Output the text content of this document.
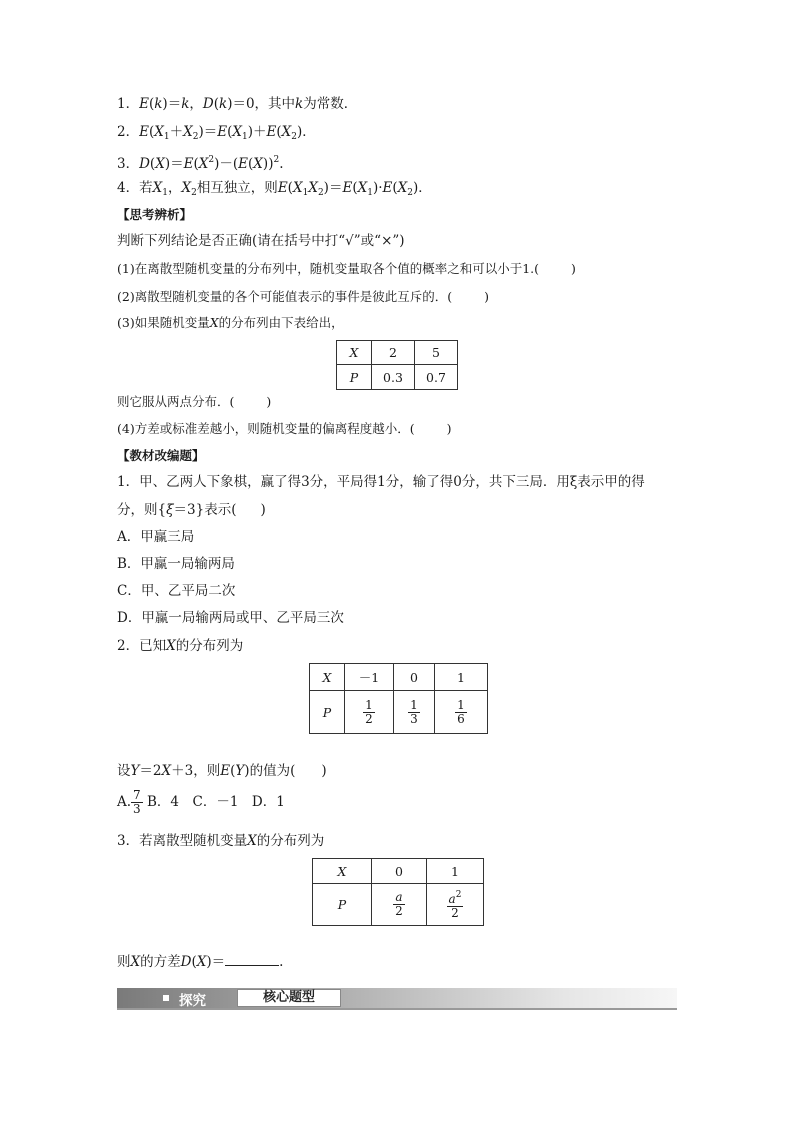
1．E(k)＝k，D(k)＝0，其中k为常数．
2．$E(X_1+X_2)=E(X_1)+E(X_2)$．
3．$D(X)=E(X^2)-(E(X))^2$.
4．若$X_1$，$X_2$相互独立，则$E(X_1X_2)=E(X_1)\cdot E(X_2)$．
【思考辨析】
判断下列结论是否正确(请在括号中打“√”或“×”)
(1)在离散型随机变量的分布列中，随机变量取各个值的概率之和可以小于1.(	)
(2)离散型随机变量的各个可能值表示的事件是彼此互斥的．(	)
(3)如果随机变量X的分布列由下表给出，
X	2	5
P	0.3	0.7
则它服从两点分布．(	)
(4)方差或标准差越小，则随机变量的偏离程度越小．(	)
【教材改编题】
1．甲、乙两人下象棋，赢了得3分，平局得1分，输了得0分，共下三局．用ξ表示甲的得
分，则{ξ＝3}表示( )
A．甲赢三局
B．甲赢一局输两局
C．甲、乙平局二次
D．甲赢一局输两局或甲、乙平局三次
2．已知X的分布列为
X	－1	0	1
P	$\frac{1}{2}$	$\frac{1}{3}$	$\frac{1}{6}$
设Y＝2X＋3，则E(Y)的值为( )
A. $\frac{7}{3}$ B．4　C．－1　D．1
3．若离散型随机变量X的分布列为
X	0	1
P	$\frac{a}{2}$	$\frac{a^2}{2}$
则X的方差D(X)＝	.
探究	核心题型
